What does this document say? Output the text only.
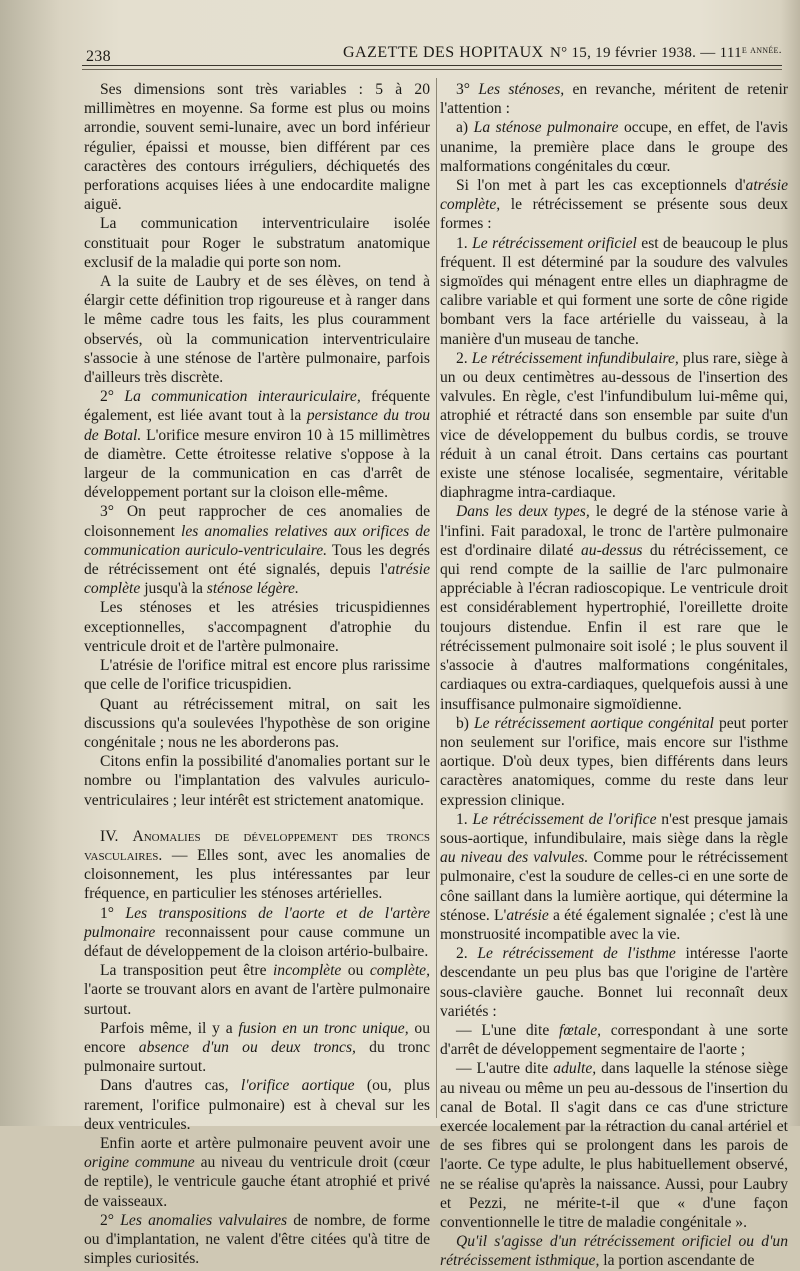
238	GAZETTE DES HOPITAUX N° 15, 19 février 1938. — $111^{e année.}$

Ses dimensions sont très variables : 5 à 20 millimètres en moyenne. Sa forme est plus ou moins arrondie, souvent semi-lunaire, avec un bord inférieur régulier, épaissi et mousse, bien différent par ces caractères des contours irréguliers, déchiquetés des perforations acquises liées à une endocardite maligne aiguë.

La communication interventriculaire isolée constituait pour Roger le substratum anatomique exclusif de la maladie qui porte son nom.

A la suite de Laubry et de ses élèves, on tend à élargir cette définition trop rigoureuse et à ranger dans le même cadre tous les faits, les plus couramment observés, où la communication interventriculaire s'associe à une sténose de l'artère pulmonaire, parfois d'ailleurs très discrète.

2° La communication interauriculaire, fréquente également, est liée avant tout à la persistance du trou de Botal. L'orifice mesure environ 10 à 15 millimètres de diamètre. Cette étroitesse relative s'oppose à la largeur de la communication en cas d'arrêt de développement portant sur la cloison elle-même.

3° On peut rapprocher de ces anomalies de cloisonnement les anomalies relatives aux orifices de communication auriculo-ventriculaire. Tous les degrés de rétrécissement ont été signalés, depuis l'atrésie complète jusqu'à la sténose légère.

Les sténoses et les atrésies tricuspidiennes exceptionnelles, s'accompagnent d'atrophie du ventricule droit et de l'artère pulmonaire.

L'atrésie de l'orifice mitral est encore plus rarissime que celle de l'orifice tricuspidien.

Quant au rétrécissement mitral, on sait les discussions qu'a soulevées l'hypothèse de son origine congénitale ; nous ne les aborderons pas.

Citons enfin la possibilité d'anomalies portant sur le nombre ou l'implantation des valvules auriculo-ventriculaires ; leur intérêt est strictement anatomique.

IV. Anomalies de développement des troncs vasculaires. — Elles sont, avec les anomalies de cloisonnement, les plus intéressantes par leur fréquence, en particulier les sténoses artérielles.

1° Les transpositions de l'aorte et de l'artère pulmonaire reconnaissent pour cause commune un défaut de développement de la cloison artério-bulbaire.

La transposition peut être incomplète ou complète, l'aorte se trouvant alors en avant de l'artère pulmonaire surtout.

Parfois même, il y a fusion en un tronc unique, ou encore absence d'un ou deux troncs, du tronc pulmonaire surtout.

Dans d'autres cas, l'orifice aortique (ou, plus rarement, l'orifice pulmonaire) est à cheval sur les deux ventricules.

Enfin aorte et artère pulmonaire peuvent avoir une origine commune au niveau du ventricule droit (cœur de reptile), le ventricule gauche étant atrophié et privé de vaisseaux.

2° Les anomalies valvulaires de nombre, de forme ou d'implantation, ne valent d'être citées qu'à titre de simples curiosités.

3° Les sténoses, en revanche, méritent de retenir l'attention :

a) La sténose pulmonaire occupe, en effet, de l'avis unanime, la première place dans le groupe des malformations congénitales du cœur.

Si l'on met à part les cas exceptionnels d'atrésie complète, le rétrécissement se présente sous deux formes :

1. Le rétrécissement orificiel est de beaucoup le plus fréquent. Il est déterminé par la soudure des valvules sigmoïdes qui ménagent entre elles un diaphragme de calibre variable et qui forment une sorte de cône rigide bombant vers la face artérielle du vaisseau, à la manière d'un museau de tanche.

2. Le rétrécissement infundibulaire, plus rare, siège à un ou deux centimètres au-dessous de l'insertion des valvules. En règle, c'est l'infundibulum lui-même qui, atrophié et rétracté dans son ensemble par suite d'un vice de développement du bulbus cordis, se trouve réduit à un canal étroit. Dans certains cas pourtant existe une sténose localisée, segmentaire, véritable diaphragme intra-cardiaque.

Dans les deux types, le degré de la sténose varie à l'infini. Fait paradoxal, le tronc de l'artère pulmonaire est d'ordinaire dilaté au-dessus du rétrécissement, ce qui rend compte de la saillie de l'arc pulmonaire appréciable à l'écran radioscopique. Le ventricule droit est considérablement hypertrophié, l'oreillette droite toujours distendue. Enfin il est rare que le rétrécissement pulmonaire soit isolé ; le plus souvent il s'associe à d'autres malformations congénitales, cardiaques ou extra-cardiaques, quelquefois aussi à une insuffisance pulmonaire sigmoïdienne.

b) Le rétrécissement aortique congénital peut porter non seulement sur l'orifice, mais encore sur l'isthme aortique. D'où deux types, bien différents dans leurs caractères anatomiques, comme du reste dans leur expression clinique.

1. Le rétrécissement de l'orifice n'est presque jamais sous-aortique, infundibulaire, mais siège dans la règle au niveau des valvules. Comme pour le rétrécissement pulmonaire, c'est la soudure de celles-ci en une sorte de cône saillant dans la lumière aortique, qui détermine la sténose. L'atrésie a été également signalée ; c'est là une monstruosité incompatible avec la vie.

2. Le rétrécissement de l'isthme intéresse l'aorte descendante un peu plus bas que l'origine de l'artère sous-clavière gauche. Bonnet lui reconnaît deux variétés :

— L'une dite fœtale, correspondant à une sorte d'arrêt de développement segmentaire de l'aorte ;

— L'autre dite adulte, dans laquelle la sténose siège au niveau ou même un peu au-dessous de l'insertion du canal de Botal. Il s'agit dans ce cas d'une stricture exercée localement par la rétraction du canal artériel et de ses fibres qui se prolongent dans les parois de l'aorte. Ce type adulte, le plus habituellement observé, ne se réalise qu'après la naissance. Aussi, pour Laubry et Pezzi, ne mérite-t-il que « d'une façon conventionnelle le titre de maladie congénitale ».

Qu'il s'agisse d'un rétrécissement orificiel ou d'un rétrécissement isthmique, la portion ascendante de
